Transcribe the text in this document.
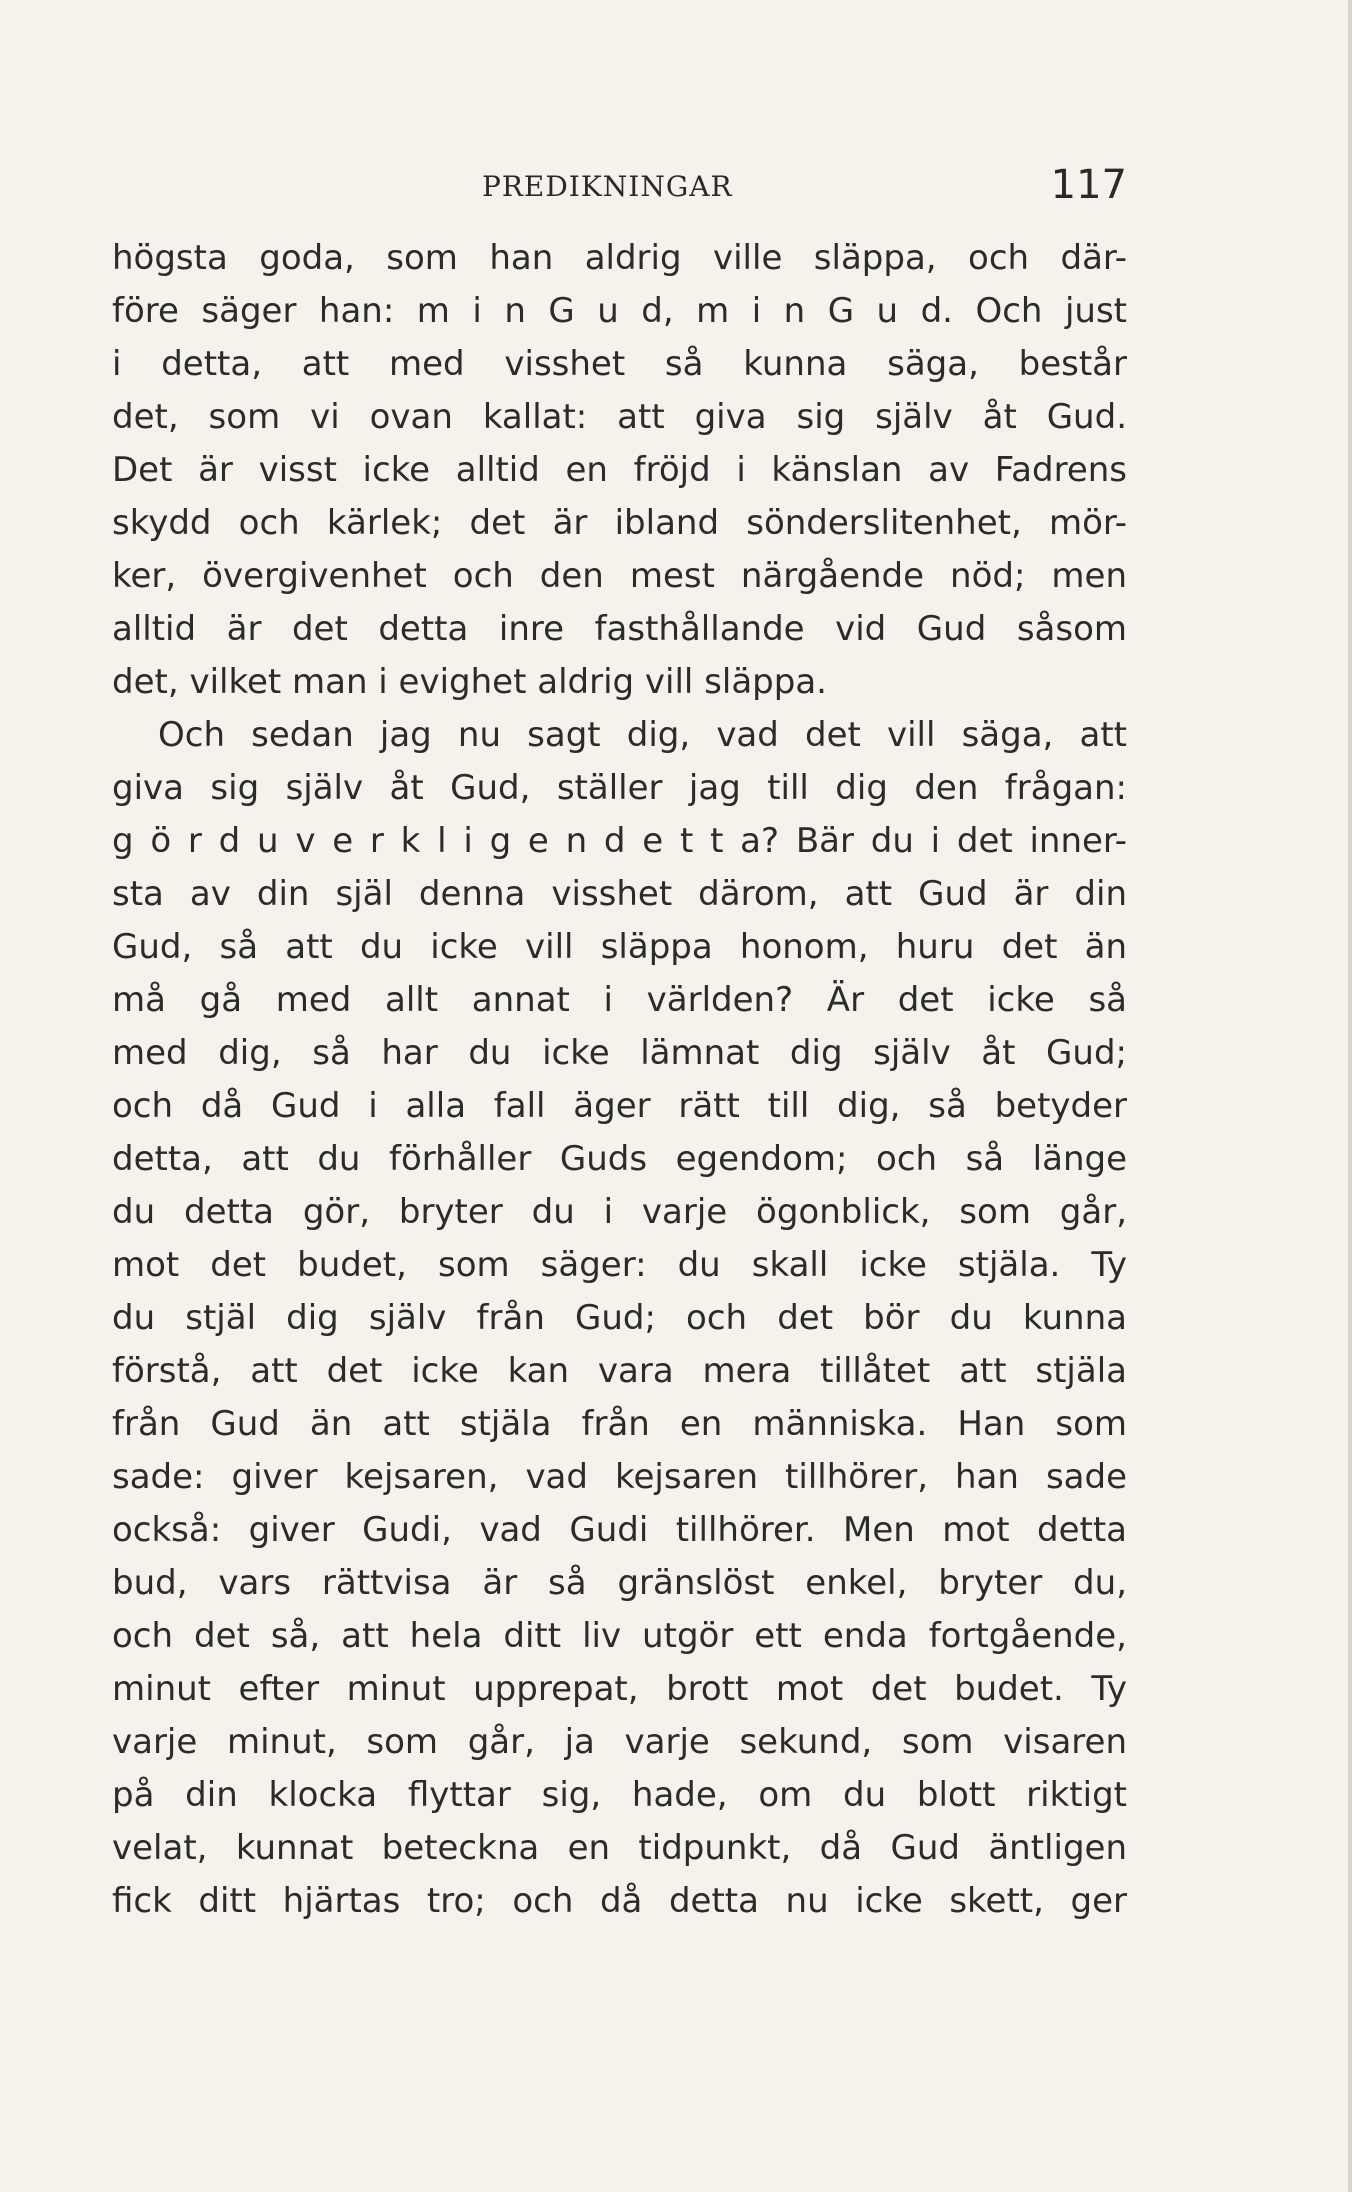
PREDIKNINGAR	117
högsta goda, som han aldrig ville släppa, och där-
före säger han: m i n G u d, m i n G u d. Och just
i detta, att med visshet så kunna säga, består
det, som vi ovan kallat: att giva sig själv åt Gud.
Det är visst icke alltid en fröjd i känslan av Fadrens
skydd och kärlek; det är ibland sönderslitenhet, mör-
ker, övergivenhet och den mest närgående nöd; men
alltid är det detta inre fasthållande vid Gud såsom
det, vilket man i evighet aldrig vill släppa.
Och sedan jag nu sagt dig, vad det vill säga, att
giva sig själv åt Gud, ställer jag till dig den frågan:
g ö r d u v e r k l i g e n d e t t a? Bär du i det inner-
sta av din själ denna visshet därom, att Gud är din
Gud, så att du icke vill släppa honom, huru det än
må gå med allt annat i världen? Är det icke så
med dig, så har du icke lämnat dig själv åt Gud;
och då Gud i alla fall äger rätt till dig, så betyder
detta, att du förhåller Guds egendom; och så länge
du detta gör, bryter du i varje ögonblick, som går,
mot det budet, som säger: du skall icke stjäla. Ty
du stjäl dig själv från Gud; och det bör du kunna
förstå, att det icke kan vara mera tillåtet att stjäla
från Gud än att stjäla från en människa. Han som
sade: giver kejsaren, vad kejsaren tillhörer, han sade
också: giver Gudi, vad Gudi tillhörer. Men mot detta
bud, vars rättvisa är så gränslöst enkel, bryter du,
och det så, att hela ditt liv utgör ett enda fortgående,
minut efter minut upprepat, brott mot det budet. Ty
varje minut, som går, ja varje sekund, som visaren
på din klocka flyttar sig, hade, om du blott riktigt
velat, kunnat beteckna en tidpunkt, då Gud äntligen
fick ditt hjärtas tro; och då detta nu icke skett, ger
